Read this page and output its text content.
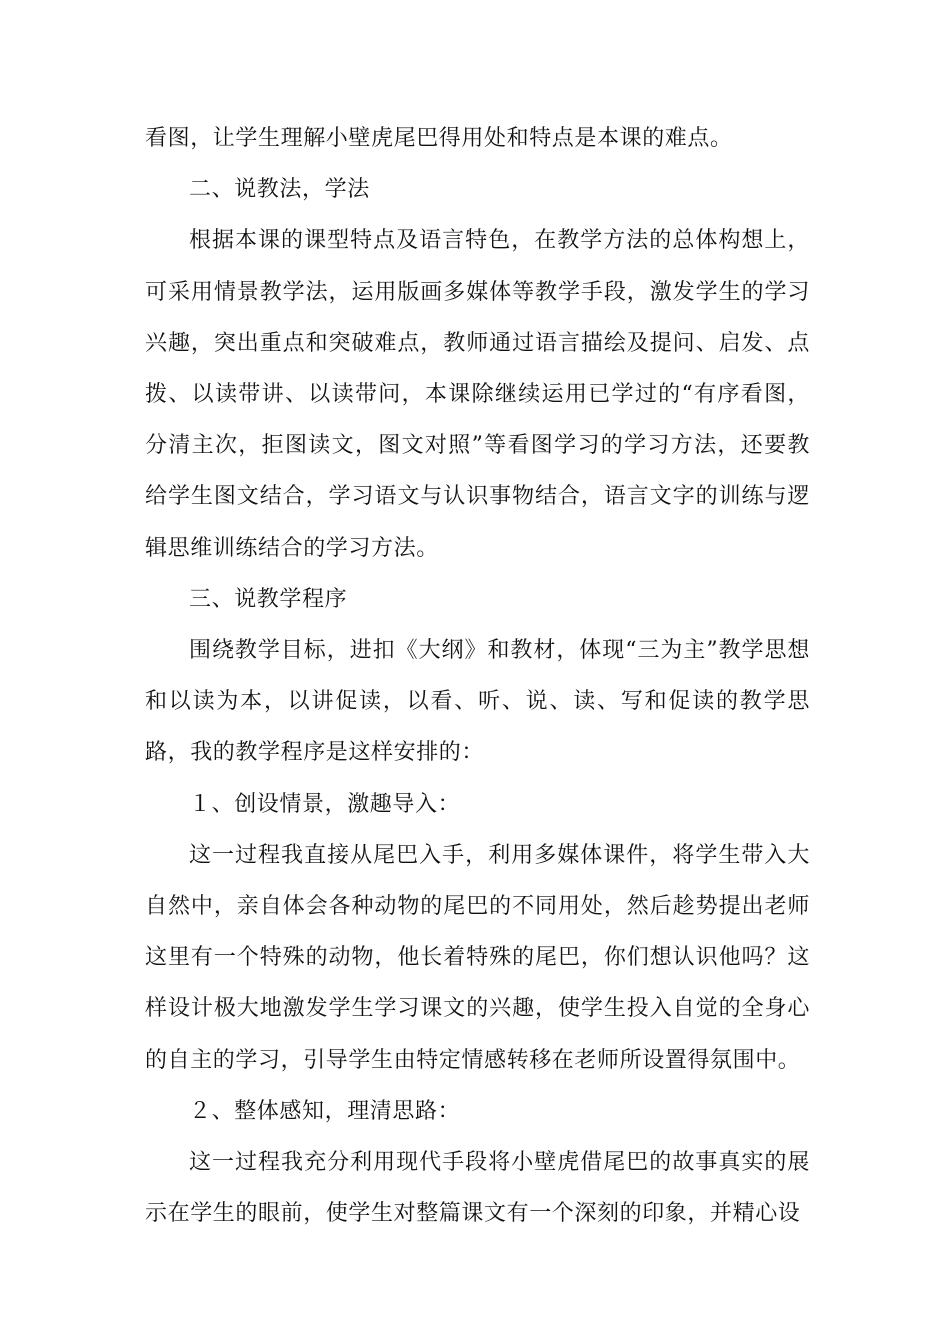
看图，让学生理解小壁虎尾巴得用处和特点是本课的难点。

二、说教法，学法

根据本课的课型特点及语言特色，在教学方法的总体构想上，可采用情景教学法，运用版画多媒体等教学手段，激发学生的学习兴趣，突出重点和突破难点，教师通过语言描绘及提问、启发、点拨、以读带讲、以读带问，本课除继续运用已学过的“有序看图，分清主次，拒图读文，图文对照”等看图学习的学习方法，还要教给学生图文结合，学习语文与认识事物结合，语言文字的训练与逻辑思维训练结合的学习方法。

三、说教学程序

围绕教学目标，进扣《大纲》和教材，体现“三为主”教学思想和以读为本，以讲促读，以看、听、说、读、写和促读的教学思路，我的教学程序是这样安排的：

１、创设情景，激趣导入：

这一过程我直接从尾巴入手，利用多媒体课件，将学生带入大自然中，亲自体会各种动物的尾巴的不同用处，然后趁势提出老师这里有一个特殊的动物，他长着特殊的尾巴，你们想认识他吗？这样设计极大地激发学生学习课文的兴趣，使学生投入自觉的全身心的自主的学习，引导学生由特定情感转移在老师所设置得氛围中。

２、整体感知，理清思路：

这一过程我充分利用现代手段将小壁虎借尾巴的故事真实的展示在学生的眼前，使学生对整篇课文有一个深刻的印象，并精心设
